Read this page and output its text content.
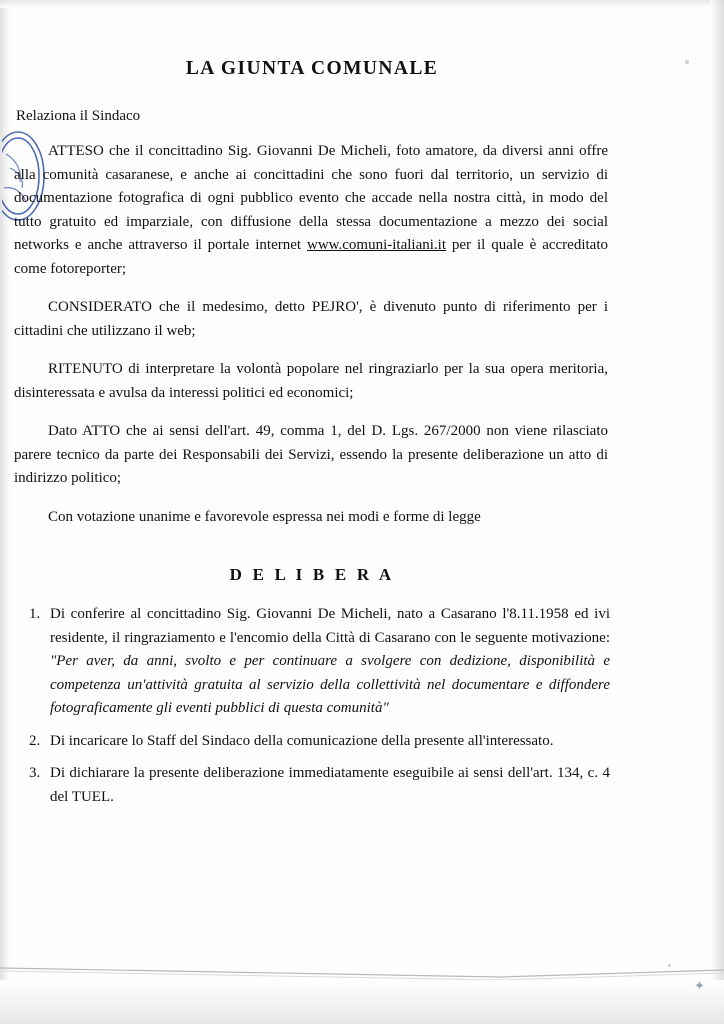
LA GIUNTA COMUNALE
Relaziona il Sindaco

ATTESO che il concittadino Sig. Giovanni De Micheli, foto amatore, da diversi anni offre alla comunità casaranese, e anche ai concittadini che sono fuori dal territorio, un servizio di documentazione fotografica di ogni pubblico evento che accade nella nostra città, in modo del tutto gratuito ed imparziale, con diffusione della stessa documentazione a mezzo dei social networks e anche attraverso il portale internet www.comuni-italiani.it per il quale è accreditato come fotoreporter;

CONSIDERATO che il medesimo, detto PEJRO', è divenuto punto di riferimento per i cittadini che utilizzano il web;

RITENUTO di interpretare la volontà popolare nel ringraziarlo per la sua opera meritoria, disinteressata e avulsa da interessi politici ed economici;

Dato ATTO che ai sensi dell'art. 49, comma 1, del D. Lgs. 267/2000 non viene rilasciato parere tecnico da parte dei Responsabili dei Servizi, essendo la presente deliberazione un atto di indirizzo politico;

Con votazione unanime e favorevole espressa nei modi e forme di legge

D E L I B E R A
1. Di conferire al concittadino Sig. Giovanni De Micheli, nato a Casarano l'8.11.1958 ed ivi residente, il ringraziamento e l'encomio della Città di Casarano con le seguente motivazione: "Per aver, da anni, svolto e per continuare a svolgere con dedizione, disponibilità e competenza un'attività gratuita al servizio della collettività nel documentare e diffondere fotograficamente gli eventi pubblici di questa comunità"
2. Di incaricare lo Staff del Sindaco della comunicazione della presente all'interessato.
3. Di dichiarare la presente deliberazione immediatamente eseguibile ai sensi dell'art. 134, c. 4 del TUEL.
✦
